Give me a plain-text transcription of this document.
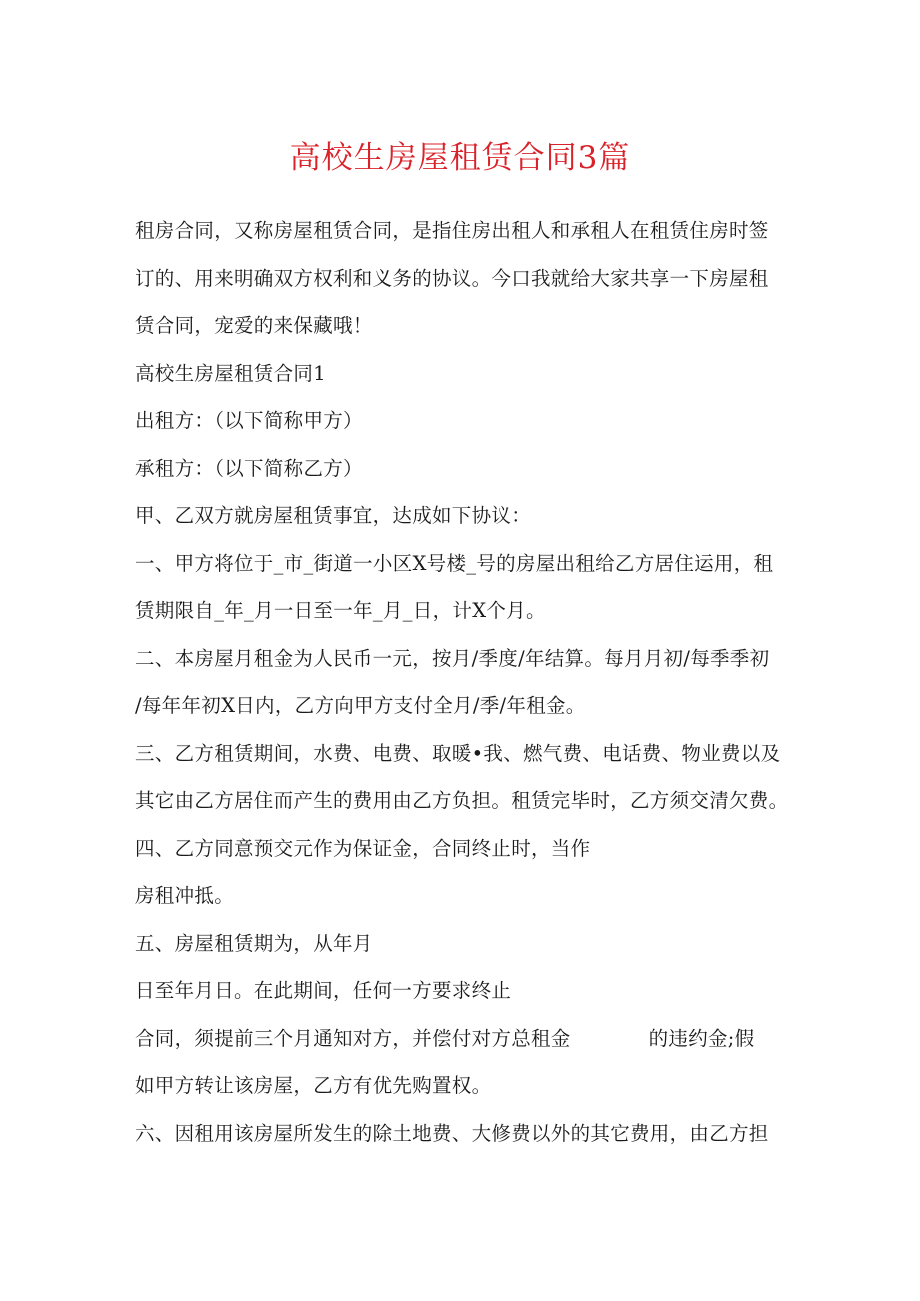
高校生房屋租赁合同3篇
租房合同，又称房屋租赁合同，是指住房出租人和承租人在租赁住房时签
订的、用来明确双方权利和义务的协议。今口我就给大家共享一下房屋租
赁合同，宠爱的来保藏哦！
高校生房屋租赁合同1
出租方：（以下简称甲方）
承租方：（以下简称乙方）
甲、乙双方就房屋租赁事宜，达成如下协议：
一、甲方将位于_市_街道一小区X号楼_号的房屋出租给乙方居住运用，租
赁期限自_年_月一日至一年_月_日，计X个月。
二、本房屋月租金为人民币一元，按月/季度/年结算。每月月初/每季季初
/每年年初X日内，乙方向甲方支付全月/季/年租金。
三、乙方租赁期间，水费、电费、取暖•我、燃气费、电话费、物业费以及
其它由乙方居住而产生的费用由乙方负担。租赁完毕时，乙方须交清欠费。
四、乙方同意预交元作为保证金，合同终止时，当作
房租冲抵。
五、房屋租赁期为，从年月
日至年月日。在此期间，任何一方要求终止
合同，须提前三个月通知对方，并偿付对方总租金	的违约金;假
如甲方转让该房屋，乙方有优先购置权。
六、因租用该房屋所发生的除土地费、大修费以外的其它费用，由乙方担
